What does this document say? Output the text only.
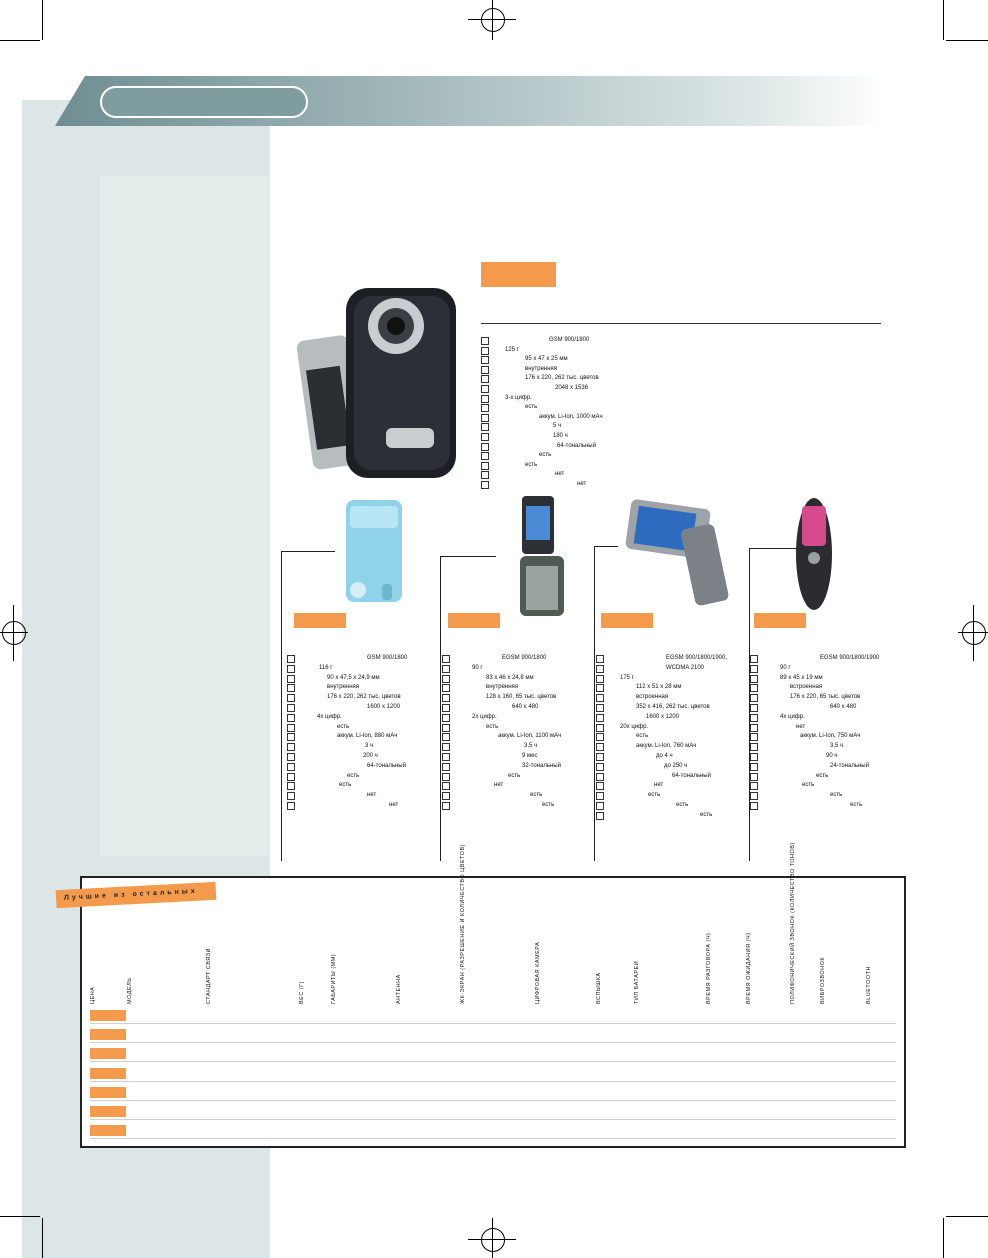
GSM 900/1800
125 г
95 x 47 x 25 мм
внутренняя
176 x 220, 262 тыс. цветов
2048 x 1536
3-х цифр.
есть
аккум. Li-Ion, 1000 мАч
5 ч
180 ч
64-тональный
есть
есть
нет
нет
GSM 900/1800
116 г
90 x 47,5 x 24,9 мм
внутренняя
176 x 220, 262 тыс. цветов
1600 x 1200
4х цифр.
есть
аккум. Li-Ion, 880 мАч
3 ч
200 ч
64-тональный
есть
есть
нет
нет
EGSM 900/1800
90 г
83 x 46 x 24,8 мм
внутренняя
128 x 160, 65 тыс. цветов
640 x 480
2х цифр.
есть
аккум. Li-Ion, 1100 мАч
3,5 ч
9 мес
32-тональный
есть
нет
есть
есть
EGSM 900/1800/1900,
WCDMA 2100
175 г
112 x 51 x 28 мм
встроенная
352 x 416, 262 тыс. цветов
1600 x 1200
20х цифр.
есть
аккум. Li-Ion, 760 мАч
до 4 ч
до 250 ч
64-тональный
нет
есть
есть
есть
EGSM 900/1800/1900
90 г
89 x 45 x 19 мм
встроенная
176 x 220, 65 тыс. цветов
640 x 480
4х цифр.
нет
аккум. Li-Ion, 750 мАч
3,5 ч
90 ч
24-тональный
есть
есть
есть
есть
Лучшие из остальных
ЦЕНА	МОДЕЛЬ	СТАНДАРТ СВЯЗИ	ВЕС (Г)	ГАБАРИТЫ (ММ)	АНТЕННА	ЖК-ЭКРАН (РАЗРЕШЕНИЕ И КОЛИЧЕСТВО ЦВЕТОВ)	ЦИФРОВАЯ КАМЕРА	ВСПЫШКА	ТИП БАТАРЕИ	ВРЕМЯ РАЗГОВОРА (Ч)	ВРЕМЯ ОЖИДАНИЯ (Ч)	ПОЛИФОНИЧЕСКИЙ ЗВОНОК (КОЛИЧЕСТВО ТОНОВ)	ВИБРОЗВОНОК	BLUETOOTH
